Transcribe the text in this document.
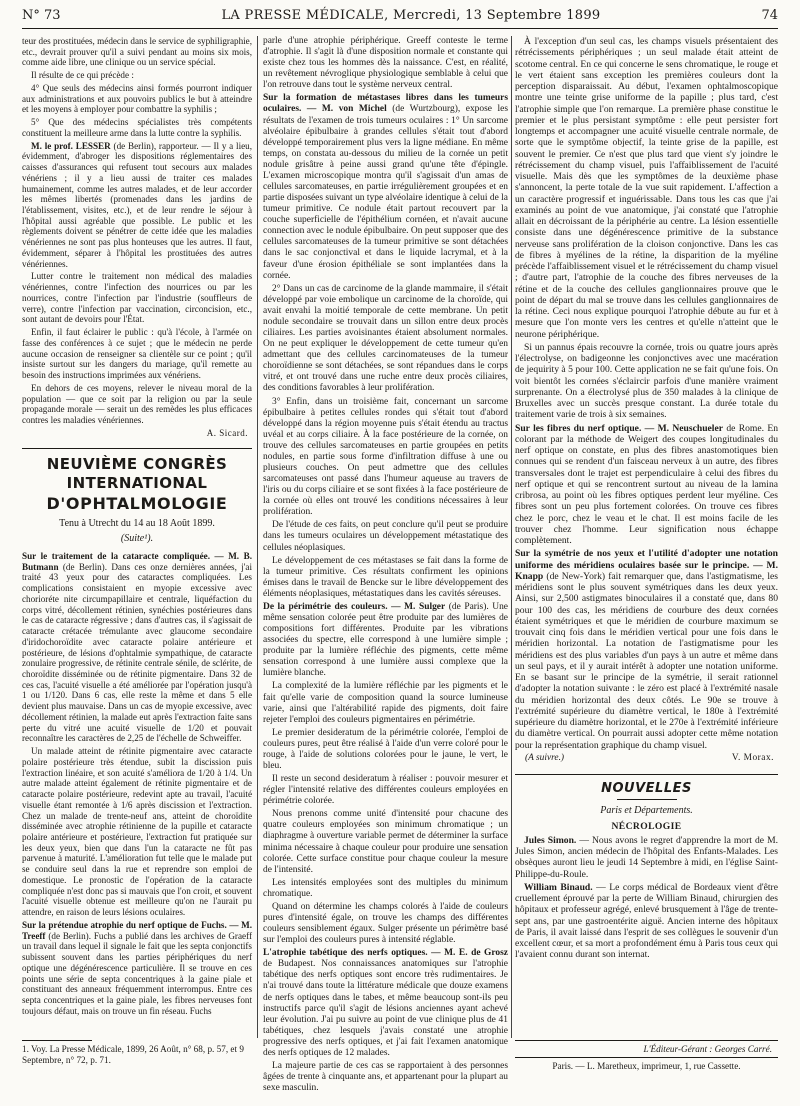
N° 73	LA PRESSE MÉDICALE, Mercredi, 13 Septembre 1899	74

teur des prostituées, médecin dans le service de syphiligraphie, etc., devrait prouver qu'il a suivi pendant au moins six mois, comme aide libre, une clinique ou un service spécial.

Il résulte de ce qui précède :

4° Que seuls des médecins ainsi formés pourront indiquer aux administrations et aux pouvoirs publics le but à atteindre et les moyens à employer pour combattre la syphilis ;

5° Que des médecins spécialistes très compétents constituent la meilleure arme dans la lutte contre la syphilis.

M. le prof. LESSER (de Berlin), rapporteur. — Il y a lieu, évidemment, d'abroger les dispositions réglementaires des caisses d'assurances qui refusent tout secours aux malades vénériens ; il y a lieu aussi de traiter ces malades humainement, comme les autres malades, et de leur accorder les mêmes libertés (promenades dans les jardins de l'établissement, visites, etc.), et de leur rendre le séjour à l'hôpital aussi agréable que possible. Le public et les règlements doivent se pénétrer de cette idée que les maladies vénériennes ne sont pas plus honteuses que les autres. Il faut, évidemment, séparer à l'hôpital les prostituées des autres vénériennes.

Lutter contre le traitement non médical des maladies vénériennes, contre l'infection des nourrices ou par les nourrices, contre l'infection par l'industrie (souffleurs de verre), contre l'infection par vaccination, circoncision, etc., sont autant de devoirs pour l'État.

Enfin, il faut éclairer le public : qu'à l'école, à l'armée on fasse des conférences à ce sujet ; que le médecin ne perde aucune occasion de renseigner sa clientèle sur ce point ; qu'il insiste surtout sur les dangers du mariage, qu'il remette au besoin des instructions imprimées aux vénériens.

En dehors de ces moyens, relever le niveau moral de la population — que ce soit par la religion ou par la seule propagande morale — serait un des remèdes les plus efficaces contres les maladies vénériennes.

A. Sicard.
NEUVIÈME CONGRÈS INTERNATIONAL
D'OPHTALMOLOGIE
Tenu à Utrecht du 14 au 18 Août 1899.
(Suite¹).

Sur le traitement de la cataracte compliquée. — M. B. Butmann (de Berlin). Dans ces onze dernières années, j'ai traité 43 yeux pour des cataractes compliquées. Les complications consistaient en myopie excessive avec chorioréte nite circumpapillaire et centrale, liquéfaction du corps vitré, décollement rétinien, synéchies postérieures dans le cas de cataracte régressive ; dans d'autres cas, il s'agissait de cataracte crétacée trémulante avec glaucome secondaire d'iridochoroïdite avec cataracte polaire antérieure et postérieure, de lésions d'ophtalmie sympathique, de cataracte zonulaire progressive, de rétinite centrale sénile, de sclérite, de choroïdite disséminée ou de rétinite pigmentaire. Dans 32 de ces cas, l'acuité visuelle a été améliorée par l'opération jusqu'à 1 ou 1/120. Dans 6 cas, elle reste la même et dans 5 elle devient plus mauvaise. Dans un cas de myopie excessive, avec décollement rétinien, la malade eut après l'extraction faite sans perte du vitré une acuité visuelle de 1/20 et pouvait reconnaître les caractères de 2,25 de l'échelle de Schweiffer.

Un malade atteint de rétinite pigmentaire avec cataracte polaire postérieure très étendue, subit la discission puis l'extraction linéaire, et son acuité s'améliora de 1/20 à 1/4. Un autre malade atteint également de rétinite pigmentaire et de cataracte polaire postérieure, redevint apte au travail, l'acuité visuelle étant remontée à 1/6 après discission et l'extraction. Chez un malade de trente-neuf ans, atteint de choroïdite disséminée avec atrophie rétinienne de la pupille et cataracte polaire antérieure et postérieure, l'extraction fut pratiquée sur les deux yeux, bien que dans l'un la cataracte ne fût pas parvenue à maturité. L'amélioration fut telle que le malade put se conduire seul dans la rue et reprendre son emploi de domestique. Le pronostic de l'opération de la cataracte compliquée n'est donc pas si mauvais que l'on croit, et souvent l'acuité visuelle obtenue est meilleure qu'on ne l'aurait pu attendre, en raison de leurs lésions oculaires.

Sur la prétendue atrophie du nerf optique de Fuchs. — M. Treeff (de Berlin). Fuchs a publié dans les archives de Graeff un travail dans lequel il signale le fait que les septa conjonctifs subissent souvent dans les parties périphériques du nerf optique une dégénérescence particulière. Il se trouve en ces points une série de septa concentriques à la gaine piale et constituant des anneaux fréquemment interrompus. Entre ces septa concentriques et la gaine piale, les fibres nerveuses font toujours défaut, mais on trouve un fin réseau. Fuchs

1. Voy. La Presse Médicale, 1899, 26 Août, n° 68, p. 57, et 9 Septembre, n° 72, p. 71.

parle d'une atrophie périphérique. Greeff conteste le terme d'atrophie. Il s'agit là d'une disposition normale et constante qui existe chez tous les hommes dès la naissance. C'est, en réalité, un revêtement névroglique physiologique semblable à celui que l'on retrouve dans tout le système nerveux central.

Sur la formation de métastases libres dans les tumeurs oculaires. — M. von Michel (de Wurtzbourg), expose les résultats de l'examen de trois tumeurs oculaires : 1° Un sarcome alvéolaire épibulbaire à grandes cellules s'était tout d'abord développé temporairement plus vers la ligne médiane. En même temps, on constata au-dessous du milieu de la cornée un petit nodule grisâtre à peine aussi grand qu'une tête d'épingle. L'examen microscopique montra qu'il s'agissait d'un amas de cellules sarcomateuses, en partie irrégulièrement groupées et en partie disposées suivant un type alvéolaire identique à celui de la tumeur primitive. Ce nodule était partout recouvert par la couche superficielle de l'épithélium cornéen, et n'avait aucune connection avec le nodule épibulbaire. On peut supposer que des cellules sarcomateuses de la tumeur primitive se sont détachées dans le sac conjonctival et dans le liquide lacrymal, et à la faveur d'une érosion épithéliale se sont implantées dans la cornée.

2° Dans un cas de carcinome de la glande mammaire, il s'était développé par voie embolique un carcinome de la choroïde, qui avait envahi la moitié temporale de cette membrane. Un petit nodule secondaire se trouvait dans un sillon entre deux procès ciliaires. Les parties avoisinantes étaient absolument normales. On ne peut expliquer le développement de cette tumeur qu'en admettant que des cellules carcinomateuses de la tumeur choroïdienne se sont détachées, se sont répandues dans le corps vitré, et ont trouvé dans une ruche entre deux procès ciliaires, des conditions favorables à leur prolifération.

3° Enfin, dans un troisième fait, concernant un sarcome épibulbaire à petites cellules rondes qui s'était tout d'abord développé dans la région moyenne puis s'était étendu au tractus uvéal et au corps ciliaire. À la face postérieure de la cornée, on trouve des cellules sarcomateuses en partie groupées en petits nodules, en partie sous forme d'infiltration diffuse à une ou plusieurs couches. On peut admettre que des cellules sarcomateuses ont passé dans l'humeur aqueuse au travers de l'iris ou du corps ciliaire et se sont fixées à la face postérieure de la cornée où elles ont trouvé les conditions nécessaires à leur prolifération.

De l'étude de ces faits, on peut conclure qu'il peut se produire dans les tumeurs oculaires un développement métastatique des cellules néoplasiques.

Le développement de ces métastases se fait dans la forme de la tumeur primitive. Ces résultats confirment les opinions émises dans le travail de Bencke sur le libre développement des éléments néoplasiques, métastatiques dans les cavités séreuses.

De la périmétrie des couleurs. — M. Sulger (de Paris). Une même sensation colorée peut être produite par des lumières de compositions fort différentes. Produite par les vibrations associées du spectre, elle correspond à une lumière simple ; produite par la lumière réfléchie des pigments, cette même sensation correspond à une lumière aussi complexe que la lumière blanche.

La complexité de la lumière réfléchie par les pigments et le fait qu'elle varie de composition quand la source lumineuse varie, ainsi que l'altérabilité rapide des pigments, doit faire rejeter l'emploi des couleurs pigmentaires en périmétrie.

Le premier desideratum de la périmétrie colorée, l'emploi de couleurs pures, peut être réalisé à l'aide d'un verre coloré pour le rouge, à l'aide de solutions colorées pour le jaune, le vert, le bleu.

Il reste un second desideratum à réaliser : pouvoir mesurer et régler l'intensité relative des différentes couleurs employées en périmétrie colorée.

Nous prenons comme unité d'intensité pour chacune des quatre couleurs employées son minimum chromatique ; un diaphragme à ouverture variable permet de déterminer la surface minima nécessaire à chaque couleur pour produire une sensation colorée. Cette surface constitue pour chaque couleur la mesure de l'intensité.

Les intensités employées sont des multiples du minimum chromatique.

Quand on détermine les champs colorés à l'aide de couleurs pures d'intensité égale, on trouve les champs des différentes couleurs sensiblement égaux. Sulger présente un périmètre basé sur l'emploi des couleurs pures à intensité réglable.

L'atrophie tabétique des nerfs optiques. — M. E. de Grosz de Budapest. Nos connaissances anatomiques sur l'atrophie tabétique des nerfs optiques sont encore très rudimentaires. Je n'ai trouvé dans toute la littérature médicale que douze examens de nerfs optiques dans le tabes, et même beaucoup sont-ils peu instructifs parce qu'il s'agit de lésions anciennes ayant achevé leur évolution. J'ai pu suivre au point de vue clinique plus de 41 tabétiques, chez lesquels j'avais constaté une atrophie progressive des nerfs optiques, et j'ai fait l'examen anatomique des nerfs optiques de 12 malades.

La majeure partie de ces cas se rapportaient à des personnes âgées de trente à cinquante ans, et appartenant pour la plupart au sexe masculin.

À l'exception d'un seul cas, les champs visuels présentaient des rétrécissements périphériques ; un seul malade était atteint de scotome central. En ce qui concerne le sens chromatique, le rouge et le vert étaient sans exception les premières couleurs dont la perception disparaissait. Au début, l'examen ophtalmoscopique montre une teinte grise uniforme de la papille ; plus tard, c'est l'atrophie simple que l'on remarque. La première phase constitue le premier et le plus persistant symptôme : elle peut persister fort longtemps et accompagner une acuité visuelle centrale normale, de sorte que le symptôme objectif, la teinte grise de la papille, est souvent le premier. Ce n'est que plus tard que vient s'y joindre le rétrécissement du champ visuel, puis l'affaiblissement de l'acuité visuelle. Mais dès que les symptômes de la deuxième phase s'annoncent, la perte totale de la vue suit rapidement. L'affection a un caractère progressif et inguérissable. Dans tous les cas que j'ai examinés au point de vue anatomique, j'ai constaté que l'atrophie allait en décroissant de la périphérie au centre. La lésion essentielle consiste dans une dégénérescence primitive de la substance nerveuse sans prolifération de la cloison conjonctive. Dans les cas de fibres à myélines de la rétine, la disparition de la myéline précède l'affaiblissement visuel et le rétrécissement du champ visuel ; d'autre part, l'atrophie de la couche des fibres nerveuses de la rétine et de la couche des cellules ganglionnaires prouve que le point de départ du mal se trouve dans les cellules ganglionnaires de la rétine. Ceci nous explique pourquoi l'atrophie débute au fur et à mesure que l'on monte vers les centres et qu'elle n'atteint que le neurone périphérique.

Si un pannus épais recouvre la cornée, trois ou quatre jours après l'électrolyse, on badigeonne les conjonctives avec une macération de jequirity à 5 pour 100. Cette application ne se fait qu'une fois. On voit bientôt les cornées s'éclaircir parfois d'une manière vraiment surprenante. On a électrolysé plus de 350 malades à la clinique de Bruxelles avec un succès presque constant. La durée totale du traitement varie de trois à six semaines.

Sur les fibres du nerf optique. — M. Neuschueler de Rome. En colorant par la méthode de Weigert des coupes longitudinales du nerf optique on constate, en plus des fibres anastomotiques bien connues qui se rendent d'un faisceau nerveux à un autre, des fibres transversales dont le trajet est perpendiculaire à celui des fibres du nerf optique et qui se rencontrent surtout au niveau de la lamina cribrosa, au point où les fibres optiques perdent leur myéline. Ces fibres sont un peu plus fortement colorées. On trouve ces fibres chez le porc, chez le veau et le chat. Il est moins facile de les trouver chez l'homme. Leur signification nous échappe complètement.

Sur la symétrie de nos yeux et l'utilité d'adopter une notation uniforme des méridiens oculaires basée sur le principe. — M. Knapp (de New-York) fait remarquer que, dans l'astigmatisme, les méridiens sont le plus souvent symétriques dans les deux yeux. Ainsi, sur 2,500 astigmates binoculaires il a constaté que, dans 80 pour 100 des cas, les méridiens de courbure des deux cornées étaient symétriques et que le méridien de courbure maximum se trouvait cinq fois dans le méridien vertical pour une fois dans le méridien horizontal. La notation de l'astigmatisme pour les méridiens est des plus variables d'un pays à un autre et même dans un seul pays, et il y aurait intérêt à adopter une notation uniforme. En se basant sur le principe de la symétrie, il serait rationnel d'adopter la notation suivante : le zéro est placé à l'extrémité nasale du méridien horizontal des deux côtés. Le 90e se trouve à l'extrémité supérieure du diamètre vertical, le 180e à l'extrémité supérieure du diamètre horizontal, et le 270e à l'extrémité inférieure du diamètre vertical. On pourrait aussi adopter cette même notation pour la représentation graphique du champ visuel.

(A suivre.)	V. Morax.
NOUVELLES
Paris et Départements.
NÉCROLOGIE

Jules Simon. — Nous avons le regret d'apprendre la mort de M. Jules Simon, ancien médecin de l'hôpital des Enfants-Malades. Les obsèques auront lieu le jeudi 14 Septembre à midi, en l'église Saint-Philippe-du-Roule.

William Binaud. — Le corps médical de Bordeaux vient d'être cruellement éprouvé par la perte de William Binaud, chirurgien des hôpitaux et professeur agrégé, enlevé brusquement à l'âge de trente-sept ans, par une gastroentérite aiguë. Ancien interne des hôpitaux de Paris, il avait laissé dans l'esprit de ses collègues le souvenir d'un excellent cœur, et sa mort a profondément ému à Paris tous ceux qui l'avaient connu durant son internat.

L'Éditeur-Gérant : Georges Carré.
Paris. — L. Maretheux, imprimeur, 1, rue Cassette.
